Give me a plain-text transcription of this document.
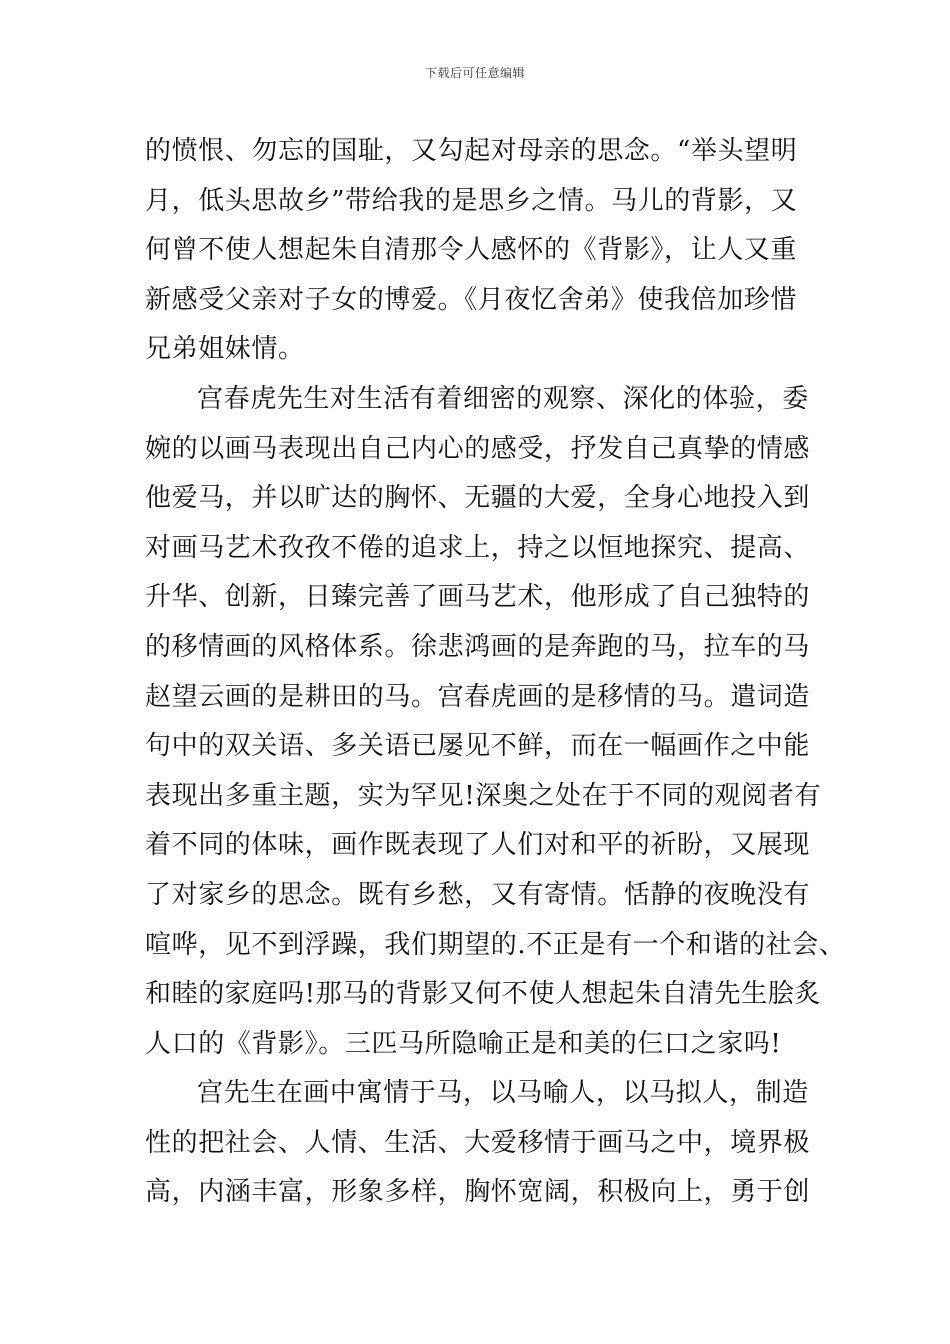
下载后可任意编辑
的愤恨、勿忘的国耻，又勾起对母亲的思念。“举头望明
月，低头思故乡”带给我的是思乡之情。马儿的背影，又
何曾不使人想起朱自清那令人感怀的《背影》，让人又重
新感受父亲对子女的博爱。《月夜忆舍弟》使我倍加珍惜
兄弟姐妹情。
宫春虎先生对生活有着细密的观察、深化的体验，委
婉的以画马表现出自己内心的感受，抒发自己真挚的情感
他爱马，并以旷达的胸怀、无疆的大爱，全身心地投入到
对画马艺术孜孜不倦的追求上，持之以恒地探究、提高、
升华、创新，日臻完善了画马艺术，他形成了自己独特的
的移情画的风格体系。徐悲鸿画的是奔跑的马，拉车的马
赵望云画的是耕田的马。宫春虎画的是移情的马。遣词造
句中的双关语、多关语已屡见不鲜，而在一幅画作之中能
表现出多重主题，实为罕见!深奥之处在于不同的观阅者有
着不同的体味，画作既表现了人们对和平的祈盼，又展现
了对家乡的思念。既有乡愁，又有寄情。恬静的夜晚没有
喧哗，见不到浮躁，我们期望的.不正是有一个和谐的社会、
和睦的家庭吗!那马的背影又何不使人想起朱自清先生脍炙
人口的《背影》。三匹马所隐喻正是和美的仨口之家吗!
宫先生在画中寓情于马，以马喻人，以马拟人，制造
性的把社会、人情、生活、大爱移情于画马之中，境界极
高，内涵丰富，形象多样，胸怀宽阔，积极向上，勇于创
